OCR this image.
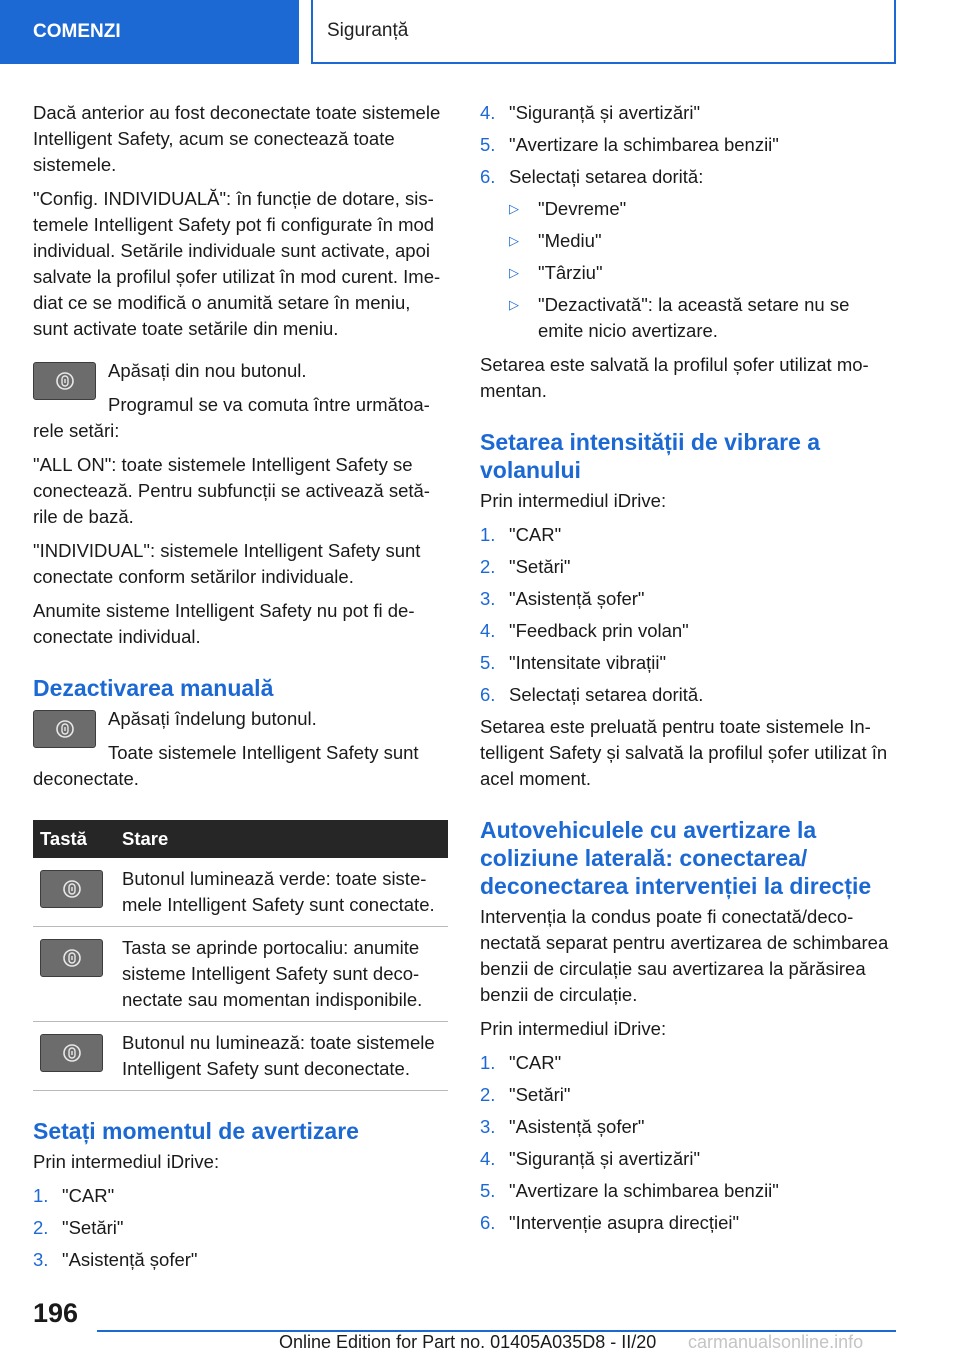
COMENZI	Siguranță

Dacă anterior au fost deconectate toate sistemele Intelligent Safety, acum se conectează toate sistemele.

"Config. INDIVIDUALĂ": în funcție de dotare, sistemele Intelligent Safety pot fi configurate în mod individual. Setările individuale sunt activate, apoi salvate la profilul șofer utilizat în mod curent. Imediat ce se modifică o anumită setare în meniu, sunt activate toate setările din meniu.

Apăsați din nou butonul.

Programul se va comuta între următoarele setări:

"ALL ON": toate sistemele Intelligent Safety se conectează. Pentru subfuncții se activează setările de bază.

"INDIVIDUAL": sistemele Intelligent Safety sunt conectate conform setărilor individuale.

Anumite sisteme Intelligent Safety nu pot fi deconectate individual.

Dezactivarea manuală

Apăsați îndelung butonul.

Toate sistemele Intelligent Safety sunt deconectate.

Tastă	Stare

	Butonul luminează verde: toate sistemele Intelligent Safety sunt conectate.

	Tasta se aprinde portocaliu: anumite sisteme Intelligent Safety sunt deconectate sau momentan indisponibile.

	Butonul nu luminează: toate sistemele Intelligent Safety sunt deconectate.
Setați momentul de avertizare

Prin intermediul iDrive:

1. "CAR"
2. "Setări"
3. "Asistență șofer"
4. "Siguranță și avertizări"
5. "Avertizare la schimbarea benzii"
6. Selectați setarea dorită:
▷	"Devreme"
▷	"Mediu"
▷	"Târziu"
▷	"Dezactivată": la această setare nu se emite nicio avertizare.

Setarea este salvată la profilul șofer utilizat momentan.

Setarea intensității de vibrare a volanului

Prin intermediul iDrive:

1. "CAR"
2. "Setări"
3. "Asistență șofer"
4. "Feedback prin volan"
5. "Intensitate vibrații"
6. Selectați setarea dorită.

Setarea este preluată pentru toate sistemele Intelligent Safety și salvată la profilul șofer utilizat în acel moment.

Autovehiculele cu avertizare la coliziune laterală: conectarea/ deconectarea intervenției la direcție

Intervenția la condus poate fi conectată/deconectată separat pentru avertizarea de schimbarea benzii de circulație sau avertizarea la părăsirea benzii de circulație.

Prin intermediul iDrive:

1. "CAR"
2. "Setări"
3. "Asistență șofer"
4. "Siguranță și avertizări"
5. "Avertizare la schimbarea benzii"
6. "Intervenție asupra direcției"
196
Online Edition for Part no. 01405A035D8 - II/20 carmanualsonline.info
